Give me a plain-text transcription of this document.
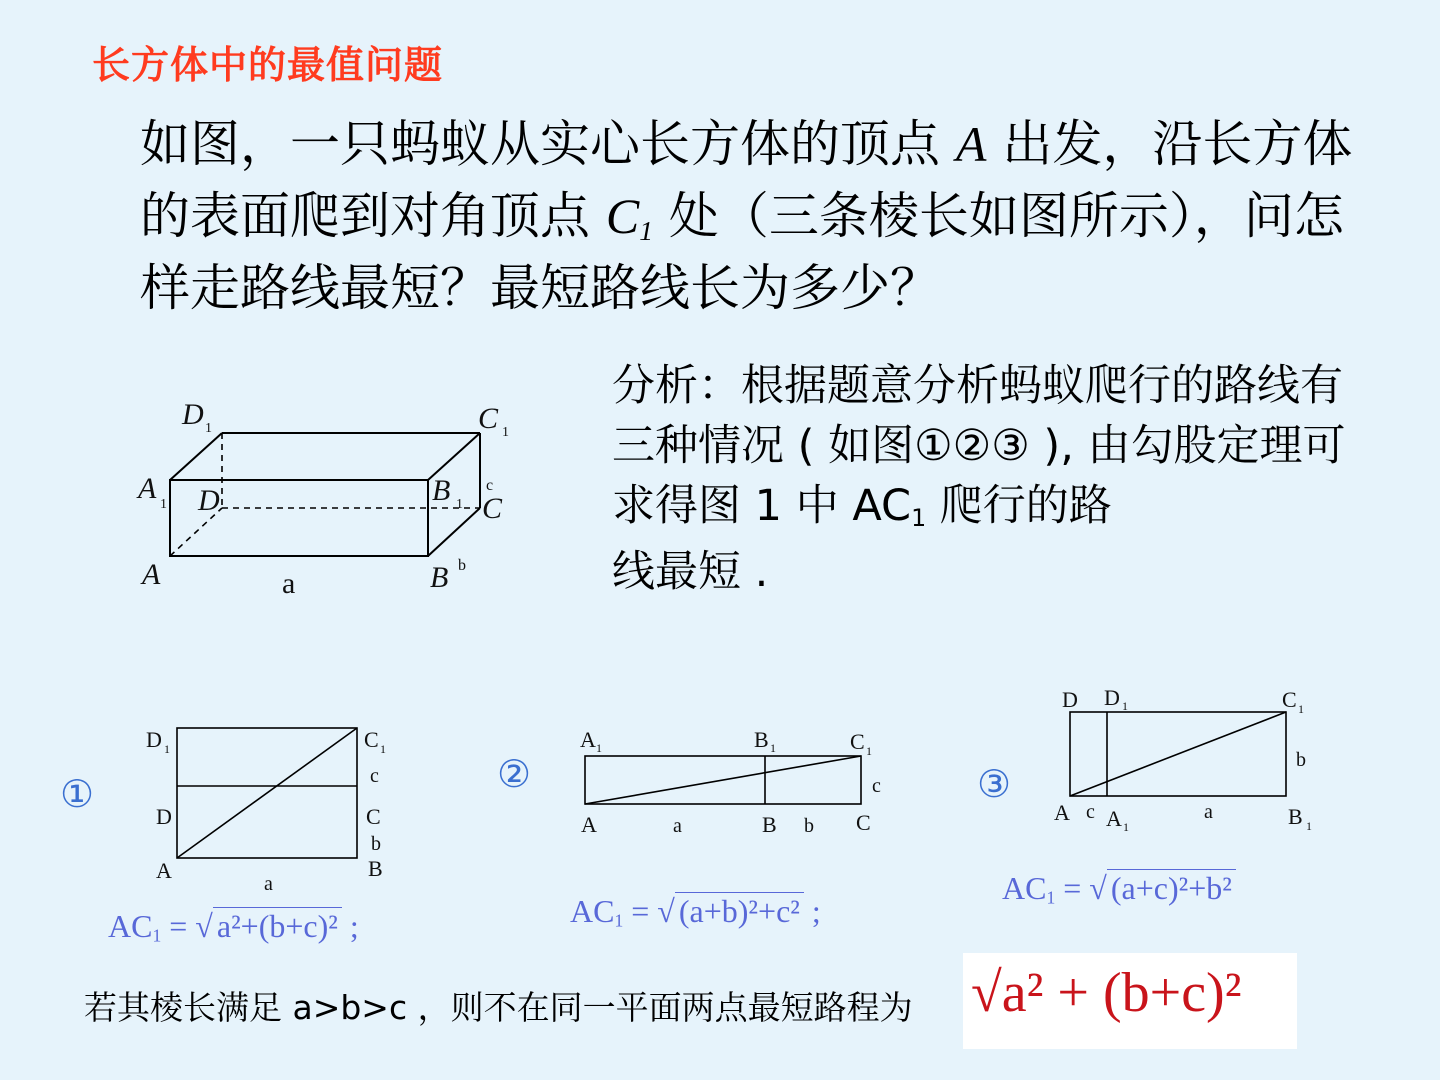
长方体中的最值问题
如图，一只蚂蚁从实心长方体的顶点 A 出发，沿长方体的表面爬到对角顶点 $C_1$ 处（三条棱长如图所示），问怎样走路线最短？最短路线长为多少？
D 1	C 1
A 1 D	B 1
c
C
A	a	B b
分析：根据题意分析蚂蚁爬行的路线有三种情况 ( 如图①②③ ), 由勾股定理可求得图 1 中 $AC_1$ 爬行的路
线最短 .
①
D 1	C 1
c
D	C
b
A	B
a
$AC_1$ = √ a²+(b+c)² ;
②
A 1	B 1	C 1
c
A	a	B b C
$AC_1$ = √ (a+b)²+c² ;
③
D D 1	C 1
b
A c A 1
a	B 1
$AC_1$ = √ (a+c)²+b²
若其棱长满足 a>b>c ，则不在同一平面两点最短路程为 √a² + (b+c)²
